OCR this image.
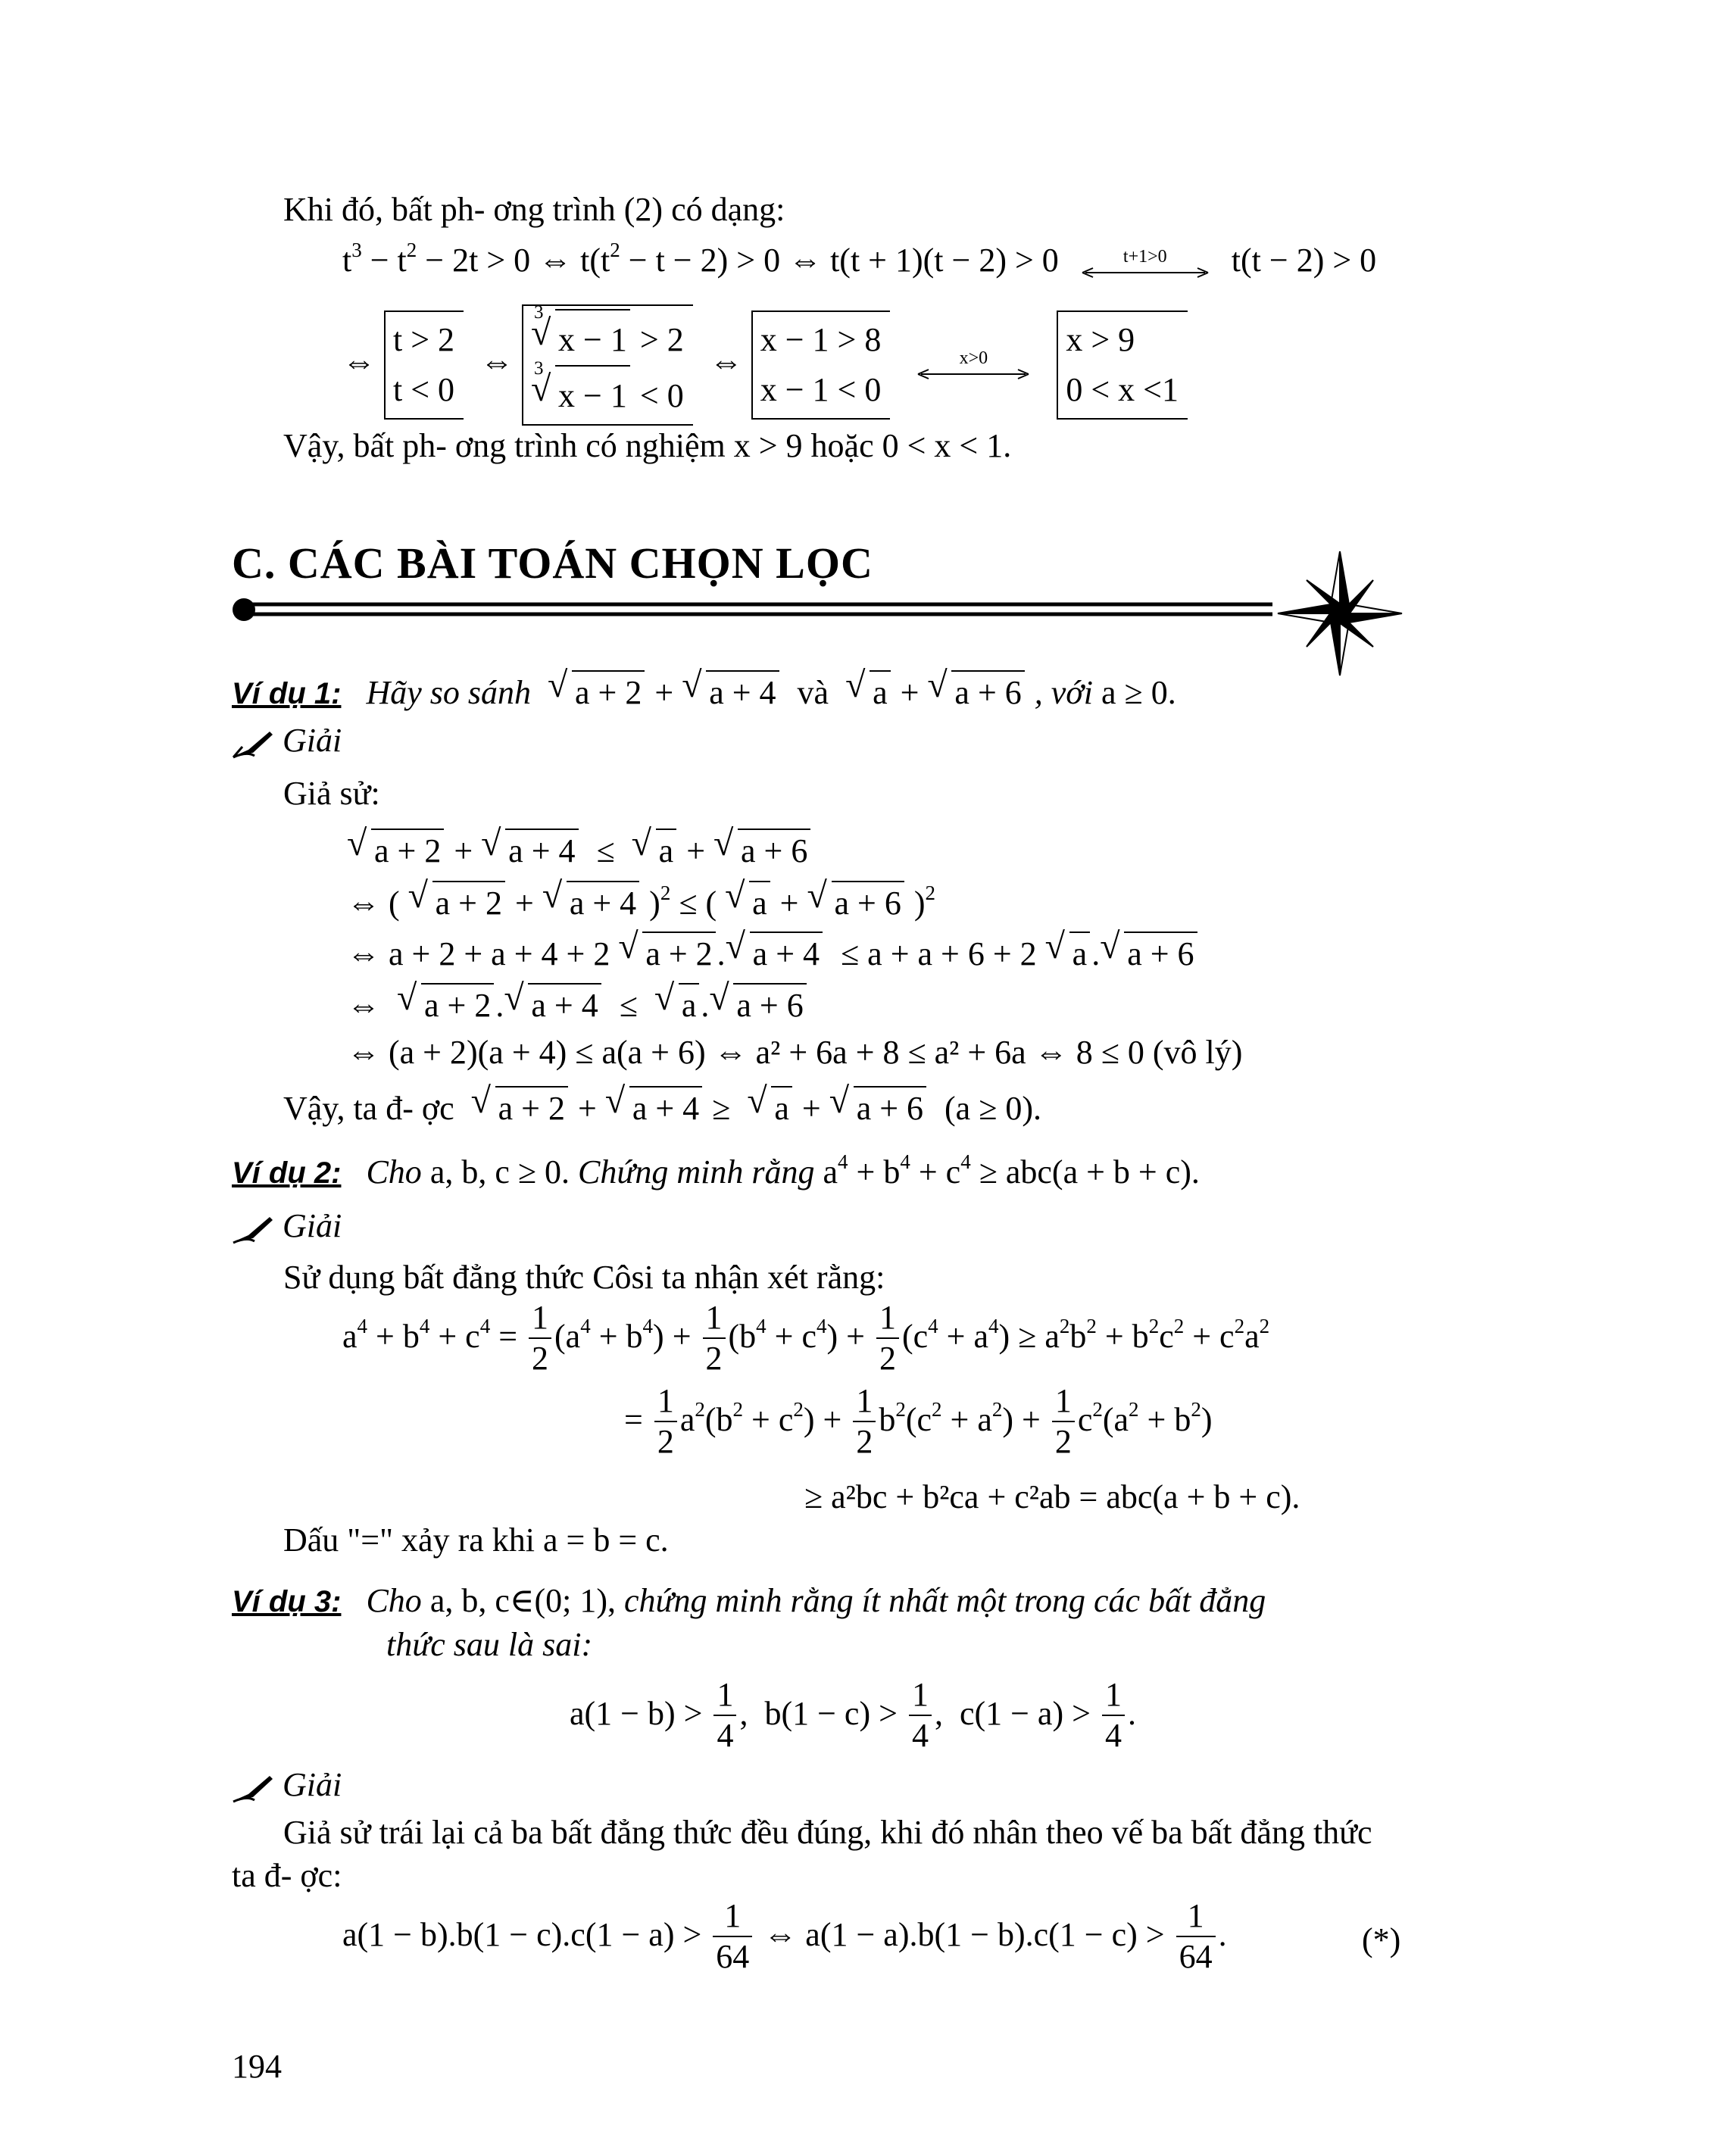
Khi đó, bất ph- ơng trình (2) có dạng:
$t^3 - t^2 - 2t > 0$ ⇔ $t(t^2 - t - 2) > 0$ ⇔ t(t + 1)(t − 2) > 0	t+1>0	t(t − 2) > 0
⇔ t > 2
t < 0  ⇔
√ 3
x − 1 > 2

√ 3
x − 1 < 0  ⇔ x − 1 > 8
x − 1 < 0
x>0	x > 9
0 < x <1
Vậy, bất ph- ơng trình có nghiệm x > 9 hoặc 0 < x < 1.
C. CÁC BÀI TOÁN CHỌN LỌC
Ví dụ 1: Hãy so sánh √ a + 2 + √ a + 4 và √ a + √ a + 6 , với a ≥ 0.
Giải
Giả sử:
√ a + 2 + √ a + 4  ≤  √ a + √ a + 6
⇔ ( √ a + 2 + √ a + 4 )$^2$ ≤ ( √ a + √ a + 6 )$^2$
⇔ a + 2 + a + 4 + 2 √ a + 2 . √ a + 4  ≤ a + a + 6 + 2 √ a . √ a + 6
⇔  √ a + 2 . √ a + 4  ≤  √ a . √ a + 6
⇔ (a + 2)(a + 4) ≤ a(a + 6) ⇔ a² + 6a + 8 ≤ a² + 6a ⇔ 8 ≤ 0 (vô lý)
Vậy, ta đ- ợc √ a + 2 + √ a + 4 ≥  √ a + √ a + 6 (a ≥ 0).
Ví dụ 2: Cho a, b, c ≥ 0. Chứng minh rằng $a^4 + b^4 + c^4 \ge abc(a + b + c)$.
Giải
Sử dụng bất đẳng thức Côsi ta nhận xét rằng:
$a^4 + b^4 + c^4 = \frac{1}{2} (a^4 + b^4) + \frac{1}{2} (b^4 + c^4) + \frac{1}{2} (c^4 + a^4) \ge a^2b^2 + b^2c^2 + c^2a^2$
= $\frac{1}{2} a^2(b^2 + c^2) + \frac{1}{2} b^2(c^2 + a^2) + \frac{1}{2} c^2(a^2 + b^2)$
≥ a²bc + b²ca + c²ab = abc(a + b + c).
Dấu "=" xảy ra khi a = b = c.
Ví dụ 3: Cho a, b, c∈(0; 1), chứng minh rằng ít nhất một trong các bất đẳng
thức sau là sai:
$a(1 - b) > \frac{1}{4}$ ,  $b(1 - c) > \frac{1}{4}$ ,  $c(1 - a) > \frac{1}{4}$ .
Giải
Giả sử trái lại cả ba bất đẳng thức đều đúng, khi đó nhân theo vế ba bất đẳng thức
ta đ- ợc:
$a(1 - b).b(1 - c).c(1 - a) > \frac{1}{64}$ ⇔ $a(1 - a).b(1 - b).c(1 - c) > \frac{1}{64}$ .	(*)
194
